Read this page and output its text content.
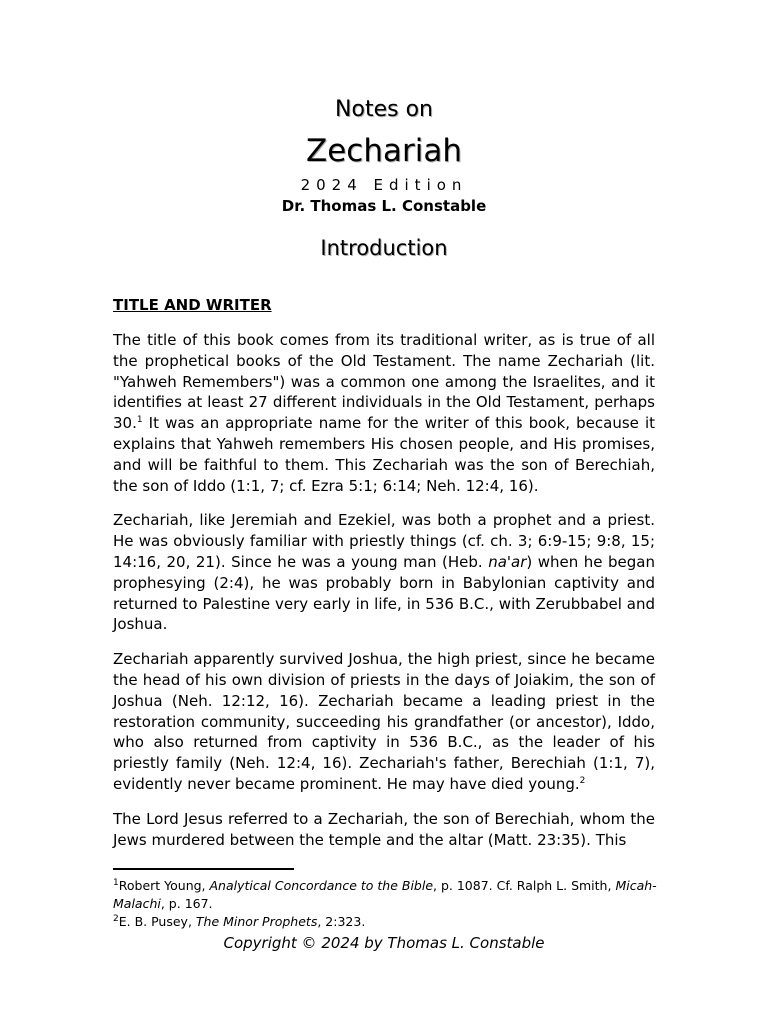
Notes on
Zechariah
2024 Edition
Dr. Thomas L. Constable
Introduction
TITLE AND WRITER

The title of this book comes from its traditional writer, as is true of all the prophetical books of the Old Testament. The name Zechariah (lit. "Yahweh Remembers") was a common one among the Israelites, and it identifies at least 27 different individuals in the Old Testament, perhaps 30.$^1$ It was an appropriate name for the writer of this book, because it explains that Yahweh remembers His chosen people, and His promises, and will be faithful to them. This Zechariah was the son of Berechiah, the son of Iddo (1:1, 7; cf. Ezra 5:1; 6:14; Neh. 12:4, 16).

Zechariah, like Jeremiah and Ezekiel, was both a prophet and a priest. He was obviously familiar with priestly things (cf. ch. 3; 6:9-15; 9:8, 15; 14:16, 20, 21). Since he was a young man (Heb. na'ar) when he began prophesying (2:4), he was probably born in Babylonian captivity and returned to Palestine very early in life, in 536 B.C., with Zerubbabel and Joshua.

Zechariah apparently survived Joshua, the high priest, since he became the head of his own division of priests in the days of Joiakim, the son of Joshua (Neh. 12:12, 16). Zechariah became a leading priest in the restoration community, succeeding his grandfather (or ancestor), Iddo, who also returned from captivity in 536 B.C., as the leader of his priestly family (Neh. 12:4, 16). Zechariah's father, Berechiah (1:1, 7), evidently never became prominent. He may have died young.$^2$

The Lord Jesus referred to a Zechariah, the son of Berechiah, whom the Jews murdered between the temple and the altar (Matt. 23:35). This

$^1$Robert Young, Analytical Concordance to the Bible, p. 1087. Cf. Ralph L. Smith, Micah-Malachi, p. 167.

$^2$E. B. Pusey, The Minor Prophets, 2:323.

Copyright © 2024 by Thomas L. Constable
